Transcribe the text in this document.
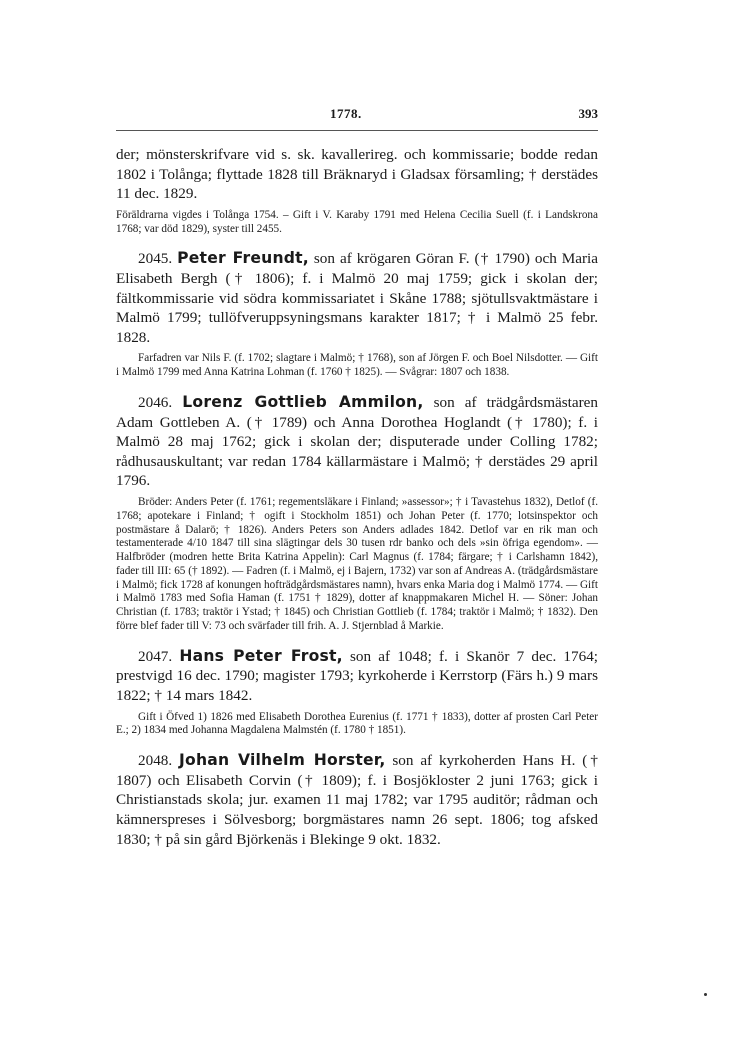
1778.	393

der; mönsterskrifvare vid s. sk. kavallerireg. och kommissarie; bodde redan 1802 i Tolånga; flyttade 1828 till Bräknaryd i Gladsax församling; † derstädes 11 dec. 1829.

Föräldrarna vigdes i Tolånga 1754. – Gift i V. Karaby 1791 med Helena Cecilia Suell (f. i Landskrona 1768; var död 1829), syster till 2455.

2045. Peter Freundt, son af krögaren Göran F. († 1790) och Maria Elisabeth Bergh († 1806); f. i Malmö 20 maj 1759; gick i skolan der; fältkommissarie vid södra kommissariatet i Skåne 1788; sjötullsvaktmästare i Malmö 1799; tullöfveruppsyningsmans karakter 1817; † i Malmö 25 febr. 1828.

Farfadren var Nils F. (f. 1702; slagtare i Malmö; † 1768), son af Jörgen F. och Boel Nilsdotter. — Gift i Malmö 1799 med Anna Katrina Lohman (f. 1760 † 1825). — Svågrar: 1807 och 1838.

2046. Lorenz Gottlieb Ammilon, son af trädgårdsmästaren Adam Gottleben A. († 1789) och Anna Dorothea Hoglandt († 1780); f. i Malmö 28 maj 1762; gick i skolan der; disputerade under Colling 1782; rådhusauskultant; var redan 1784 källarmästare i Malmö; † derstädes 29 april 1796.

Bröder: Anders Peter (f. 1761; regementsläkare i Finland; »assessor»; † i Tavastehus 1832), Detlof (f. 1768; apotekare i Finland; † ogift i Stockholm 1851) och Johan Peter (f. 1770; lotsinspektor och postmästare å Dalarö; † 1826). Anders Peters son Anders adlades 1842. Detlof var en rik man och testamenterade 4/10 1847 till sina slägtingar dels 30 tusen rdr banko och dels »sin öfriga egendom». — Halfbröder (modren hette Brita Katrina Appelin): Carl Magnus (f. 1784; färgare; † i Carlshamn 1842), fader till III: 65 († 1892). — Fadren (f. i Malmö, ej i Bajern, 1732) var son af Andreas A. (trädgårdsmästare i Malmö; fick 1728 af konungen hofträdgårdsmästares namn), hvars enka Maria dog i Malmö 1774. — Gift i Malmö 1783 med Sofia Haman (f. 1751 † 1829), dotter af knappmakaren Michel H. — Söner: Johan Christian (f. 1783; traktör i Ystad; † 1845) och Christian Gottlieb (f. 1784; traktör i Malmö; † 1832). Den förre blef fader till V: 73 och svärfader till frih. A. J. Stjernblad å Markie.

2047. Hans Peter Frost, son af 1048; f. i Skanör 7 dec. 1764; prestvigd 16 dec. 1790; magister 1793; kyrkoherde i Kerrstorp (Färs h.) 9 mars 1822; † 14 mars 1842.

Gift i Öfved 1) 1826 med Elisabeth Dorothea Eurenius (f. 1771 † 1833), dotter af prosten Carl Peter E.; 2) 1834 med Johanna Magdalena Malmstén (f. 1780 † 1851).

2048. Johan Vilhelm Horster, son af kyrkoherden Hans H. († 1807) och Elisabeth Corvin († 1809); f. i Bosjökloster 2 juni 1763; gick i Christianstads skola; jur. examen 11 maj 1782; var 1795 auditör; rådman och kämnerspreses i Sölvesborg; borgmästares namn 26 sept. 1806; tog afsked 1830; † på sin gård Björkenäs i Blekinge 9 okt. 1832.
